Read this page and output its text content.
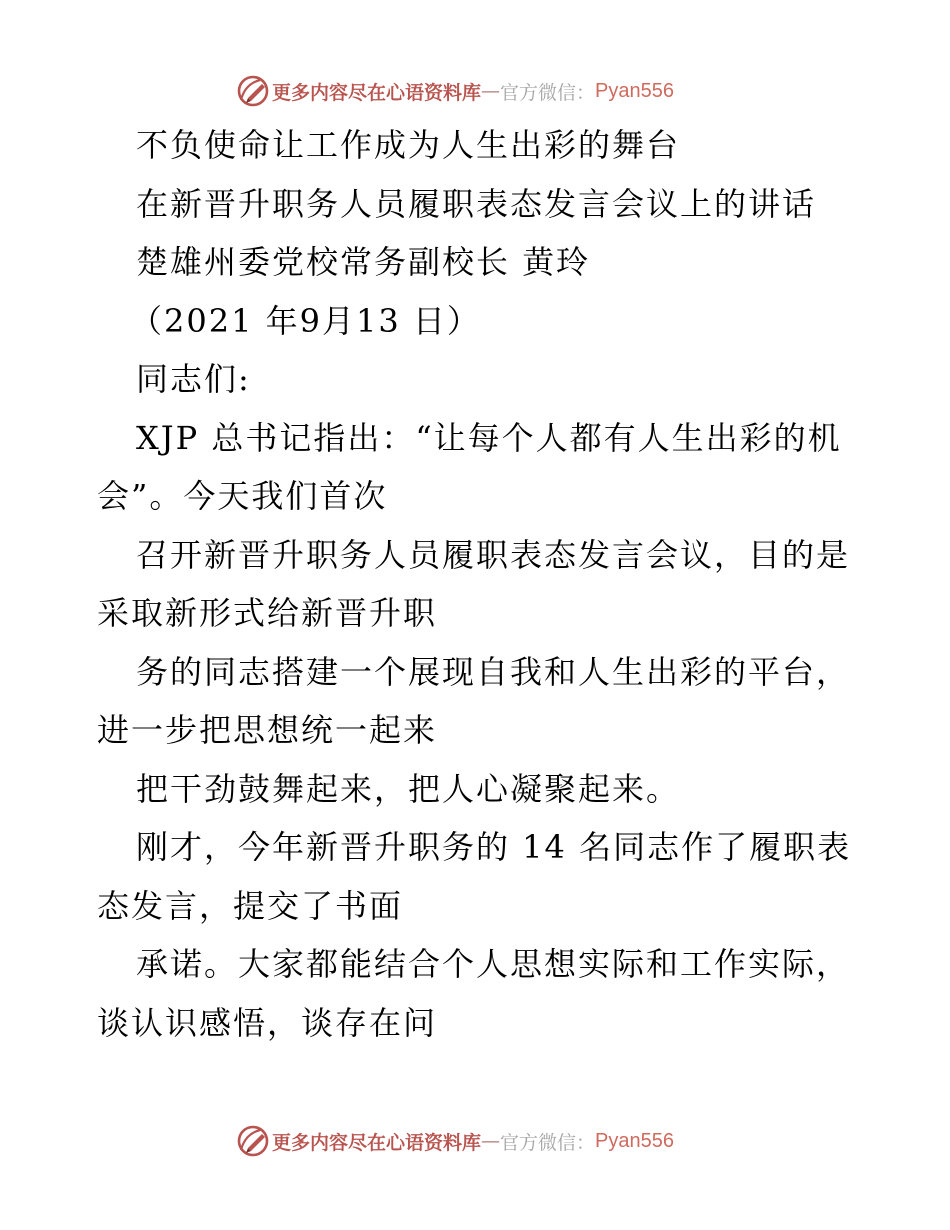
更多内容尽在心语资料库 — 官方微信： Pyan556
不负使命让工作成为人生出彩的舞台
在新晋升职务人员履职表态发言会议上的讲话
楚雄州委党校常务副校长 黄玲
（2021 年9月13 日）
同志们:
XJP 总书记指出：“让每个人都有人生出彩的机
会”。今天我们首次
召开新晋升职务人员履职表态发言会议，目的是
采取新形式给新晋升职
务的同志搭建一个展现自我和人生出彩的平台，
进一步把思想统一起来
把干劲鼓舞起来，把人心凝聚起来。
刚才，今年新晋升职务的 14 名同志作了履职表
态发言，提交了书面
承诺。大家都能结合个人思想实际和工作实际，
谈认识感悟，谈存在问
更多内容尽在心语资料库 — 官方微信： Pyan556
